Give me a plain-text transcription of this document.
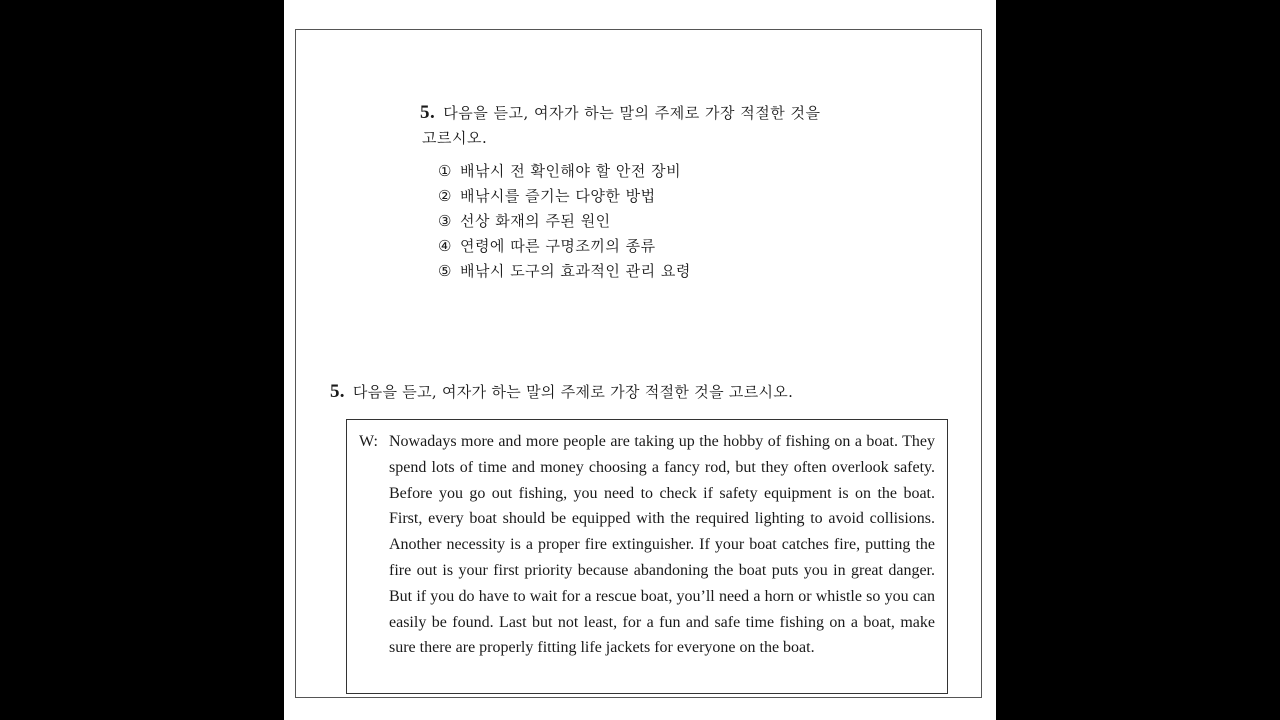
5. 다음을 듣고, 여자가 하는 말의 주제로 가장 적절한 것을
고르시오.
① 배낚시 전 확인해야 할 안전 장비
② 배낚시를 즐기는 다양한 방법
③ 선상 화재의 주된 원인
④ 연령에 따른 구명조끼의 종류
⑤ 배낚시 도구의 효과적인 관리 요령
5. 다음을 듣고, 여자가 하는 말의 주제로 가장 적절한 것을 고르시오.
W: Nowadays more and more people are taking up the hobby of fishing on a boat. They spend lots of time and money choosing a fancy rod, but they often overlook safety. Before you go out fishing, you need to check if safety equipment is on the boat. First, every boat should be equipped with the required lighting to avoid collisions. Another necessity is a proper fire extinguisher. If your boat catches fire, putting the fire out is your first priority because abandoning the boat puts you in great danger. But if you do have to wait for a rescue boat, you’ll need a horn or whistle so you can easily be found. Last but not least, for a fun and safe time fishing on a boat, make sure there are properly fitting life jackets for everyone on the boat.
